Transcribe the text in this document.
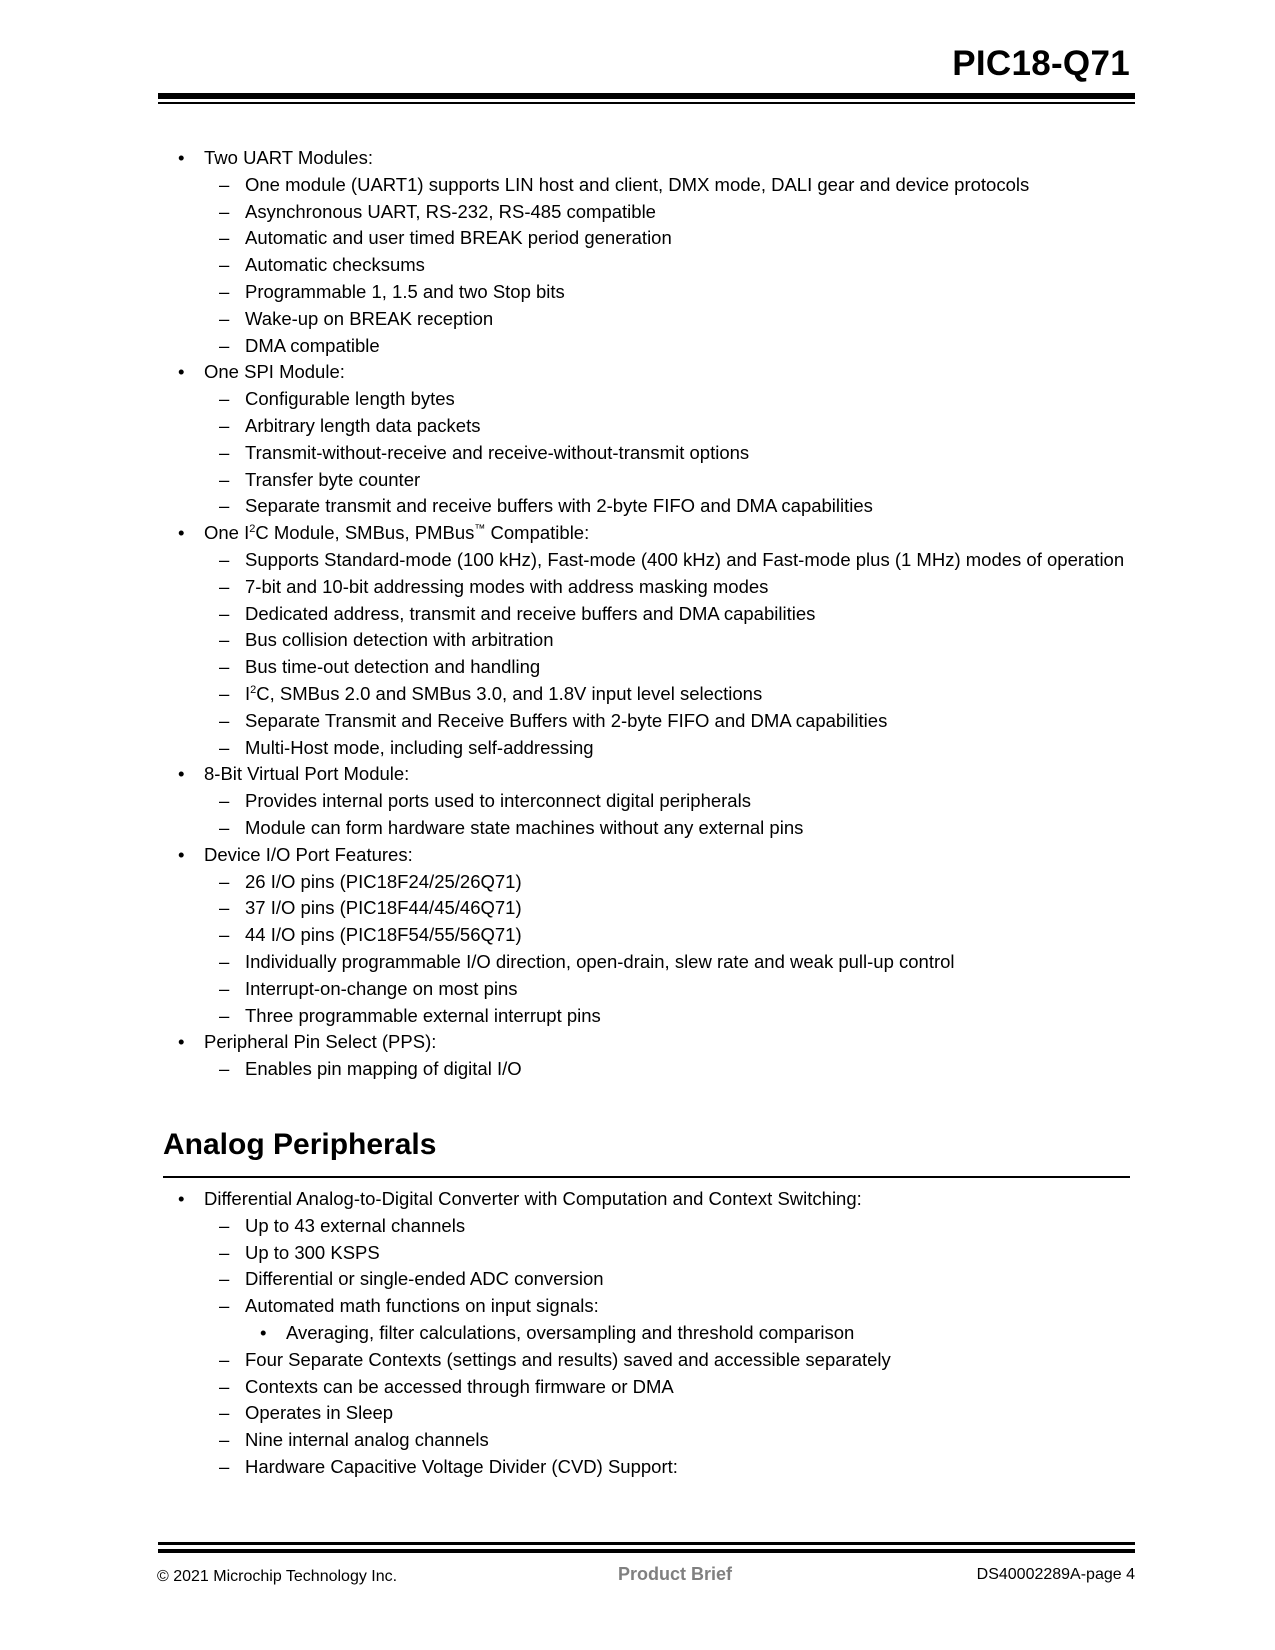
PIC18-Q71
• Two UART Modules:
– One module (UART1) supports LIN host and client, DMX mode, DALI gear and device protocols
– Asynchronous UART, RS-232, RS-485 compatible
– Automatic and user timed BREAK period generation
– Automatic checksums
– Programmable 1, 1.5 and two Stop bits
– Wake-up on BREAK reception
– DMA compatible
• One SPI Module:
– Configurable length bytes
– Arbitrary length data packets
– Transmit-without-receive and receive-without-transmit options
– Transfer byte counter
– Separate transmit and receive buffers with 2-byte FIFO and DMA capabilities
• One $I^2C$ Module, SMBus, PMBus™ Compatible:
– Supports Standard-mode (100 kHz), Fast-mode (400 kHz) and Fast-mode plus (1 MHz) modes of operation
– 7-bit and 10-bit addressing modes with address masking modes
– Dedicated address, transmit and receive buffers and DMA capabilities
– Bus collision detection with arbitration
– Bus time-out detection and handling
– $I^2C$, SMBus 2.0 and SMBus 3.0, and 1.8V input level selections
– Separate Transmit and Receive Buffers with 2-byte FIFO and DMA capabilities
– Multi-Host mode, including self-addressing
• 8-Bit Virtual Port Module:
– Provides internal ports used to interconnect digital peripherals
– Module can form hardware state machines without any external pins
• Device I/O Port Features:
– 26 I/O pins (PIC18F24/25/26Q71)
– 37 I/O pins (PIC18F44/45/46Q71)
– 44 I/O pins (PIC18F54/55/56Q71)
– Individually programmable I/O direction, open-drain, slew rate and weak pull-up control
– Interrupt-on-change on most pins
– Three programmable external interrupt pins
• Peripheral Pin Select (PPS):
– Enables pin mapping of digital I/O
Analog Peripherals
• Differential Analog-to-Digital Converter with Computation and Context Switching:
– Up to 43 external channels
– Up to 300 KSPS
– Differential or single-ended ADC conversion
– Automated math functions on input signals:
• Averaging, filter calculations, oversampling and threshold comparison
– Four Separate Contexts (settings and results) saved and accessible separately
– Contexts can be accessed through firmware or DMA
– Operates in Sleep
– Nine internal analog channels
– Hardware Capacitive Voltage Divider (CVD) Support:
© 2021 Microchip Technology Inc.	Product Brief	DS40002289A-page 4
